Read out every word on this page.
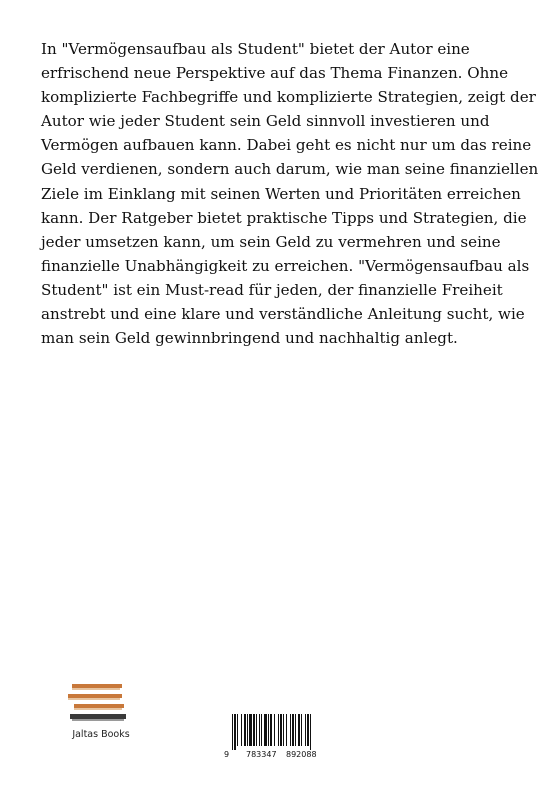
In "Vermögensaufbau als Student" bietet der Autor eine
erfrischend neue Perspektive auf das Thema Finanzen. Ohne
komplizierte Fachbegriffe und komplizierte Strategien, zeigt der
Autor wie jeder Student sein Geld sinnvoll investieren und
Vermögen aufbauen kann. Dabei geht es nicht nur um das reine
Geld verdienen, sondern auch darum, wie man seine finanziellen
Ziele im Einklang mit seinen Werten und Prioritäten erreichen
kann. Der Ratgeber bietet praktische Tipps und Strategien, die
jeder umsetzen kann, um sein Geld zu vermehren und seine
finanzielle Unabhängigkeit zu erreichen. "Vermögensaufbau als
Student" ist ein Must-read für jeden, der finanzielle Freiheit
anstrebt und eine klare und verständliche Anleitung sucht, wie
man sein Geld gewinnbringend und nachhaltig anlegt.
Jaltas Books
9 783347 892088
